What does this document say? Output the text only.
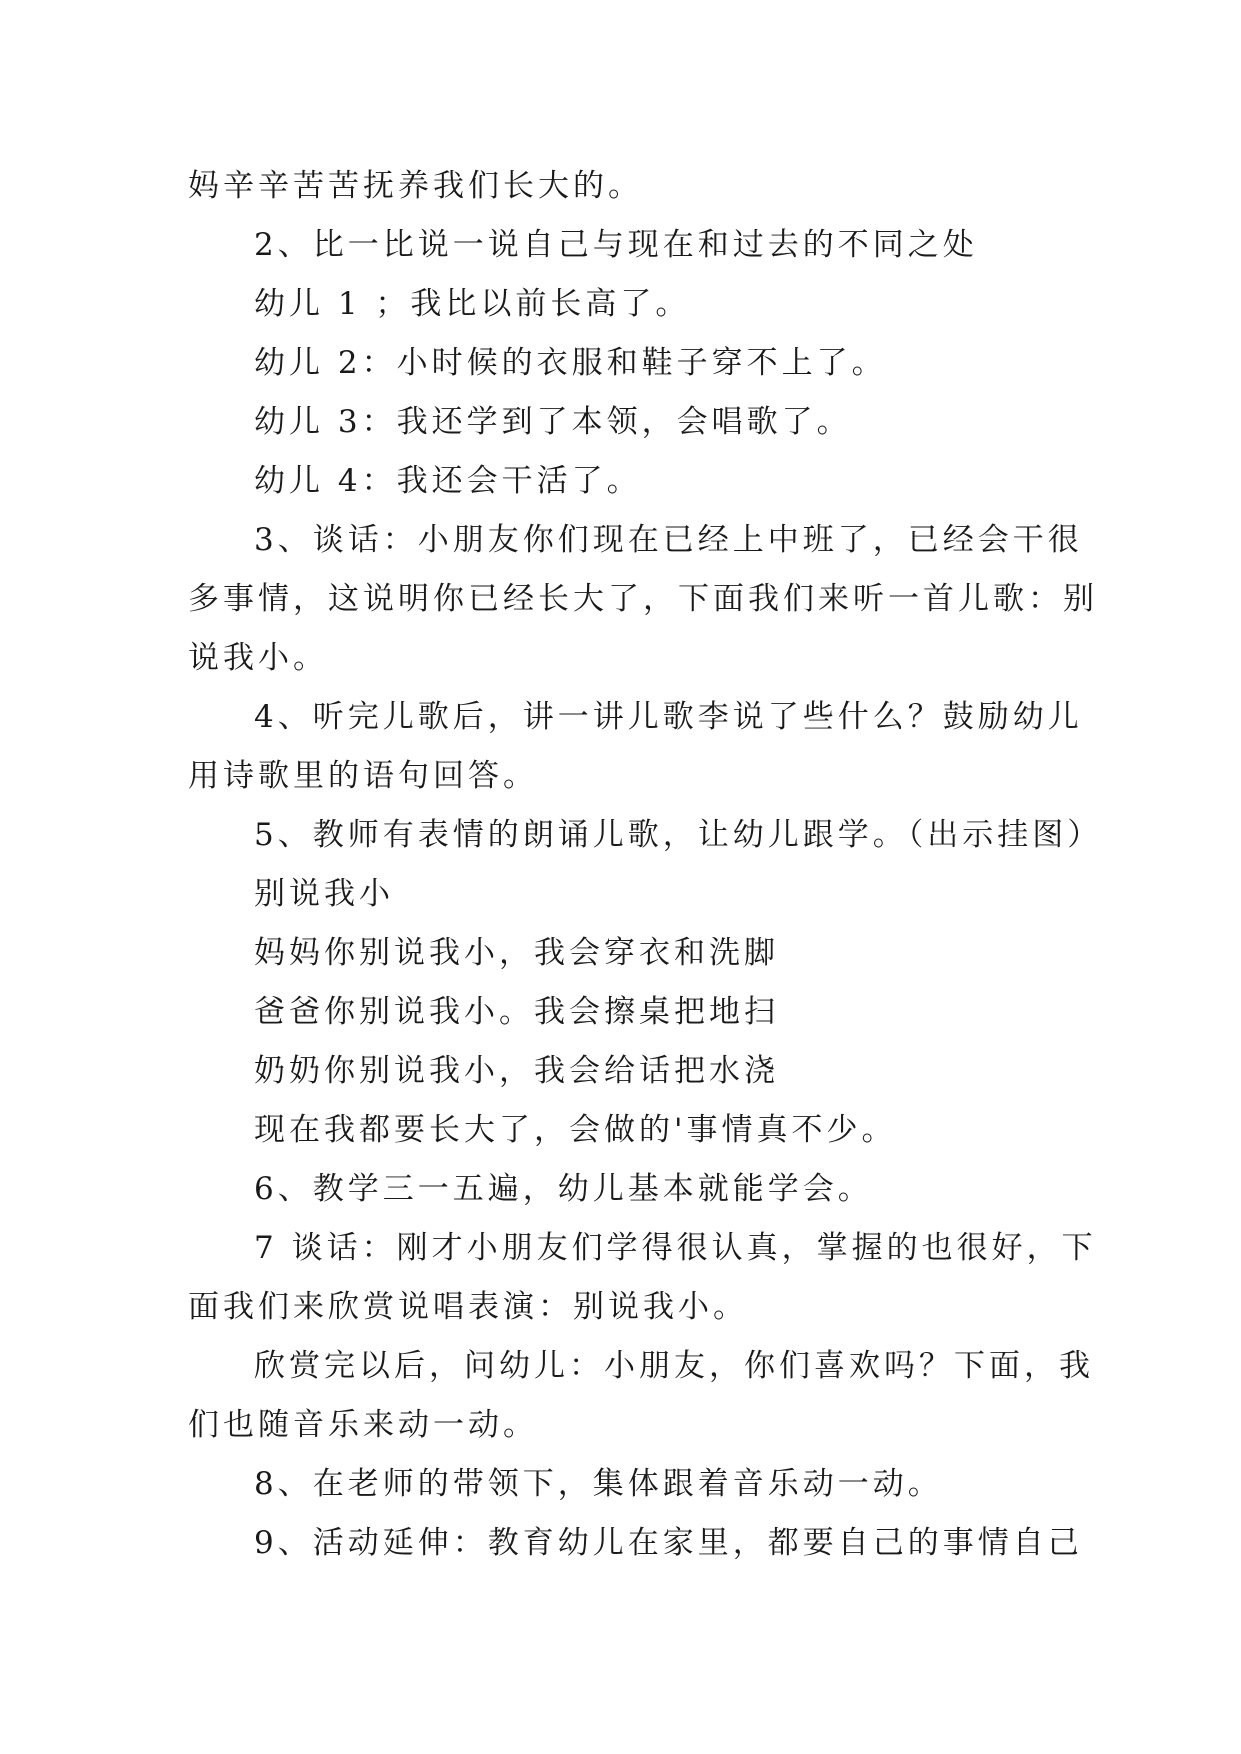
妈辛辛苦苦抚养我们长大的。
2、比一比说一说自己与现在和过去的不同之处
幼儿 1 ；我比以前长高了。
幼儿 2：小时候的衣服和鞋子穿不上了。
幼儿 3：我还学到了本领，会唱歌了。
幼儿 4：我还会干活了。
3、谈话：小朋友你们现在已经上中班了，已经会干很
多事情，这说明你已经长大了，下面我们来听一首儿歌：别
说我小。
4、听完儿歌后，讲一讲儿歌李说了些什么？鼓励幼儿
用诗歌里的语句回答。
5、教师有表情的朗诵儿歌，让幼儿跟学。（出示挂图）
别说我小
妈妈你别说我小，我会穿衣和洗脚
爸爸你别说我小。我会擦桌把地扫
奶奶你别说我小，我会给话把水浇
现在我都要长大了，会做的'事情真不少。
6、教学三一五遍，幼儿基本就能学会。
7 谈话：刚才小朋友们学得很认真，掌握的也很好，下
面我们来欣赏说唱表演：别说我小。
欣赏完以后，问幼儿：小朋友，你们喜欢吗？下面，我
们也随音乐来动一动。
8、在老师的带领下，集体跟着音乐动一动。
9、活动延伸：教育幼儿在家里，都要自己的事情自己
